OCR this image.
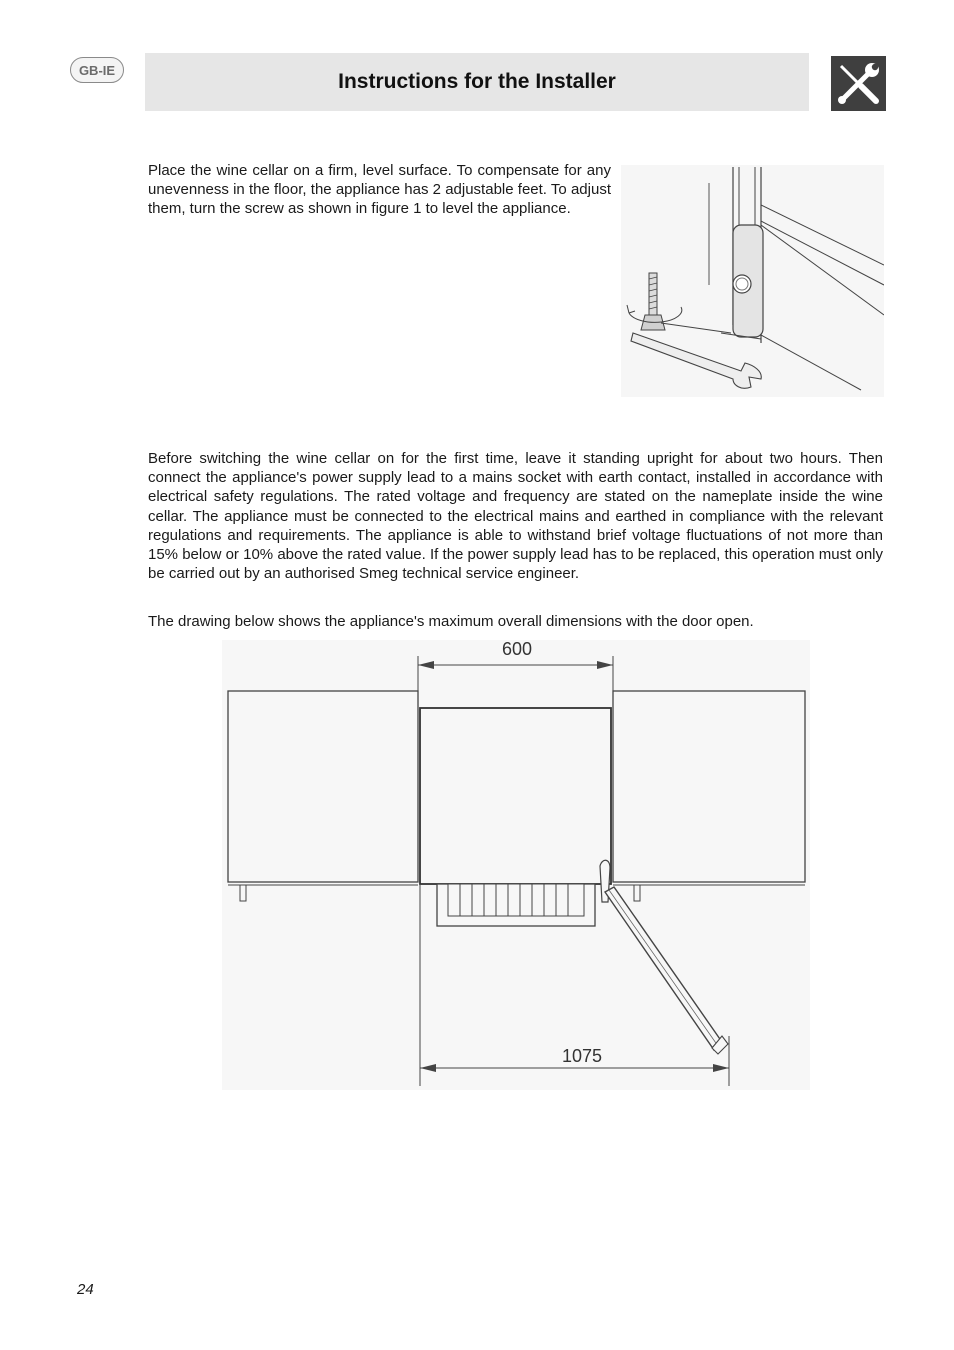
GB-IE	Instructions for the Installer

Place the wine cellar on a firm, level surface. To compensate for any unevenness in the floor, the appliance has 2 adjustable feet. To adjust them, turn the screw as shown in figure 1 to level the appliance.

Before switching the wine cellar on for the first time, leave it standing upright for about two hours. Then connect the appliance's power supply lead to a mains socket with earth contact, installed in accordance with electrical safety regulations. The rated voltage and frequency are stated on the nameplate inside the wine cellar. The appliance must be connected to the electrical mains and earthed in compliance with the relevant regulations and requirements. The appliance is able to withstand brief voltage fluctuations of not more than 15% below or 10% above the rated value. If the power supply lead has to be replaced, this operation must only be carried out by an authorised Smeg technical service engineer.

The drawing below shows the appliance's maximum overall dimensions with the door open.

600
1075
24
